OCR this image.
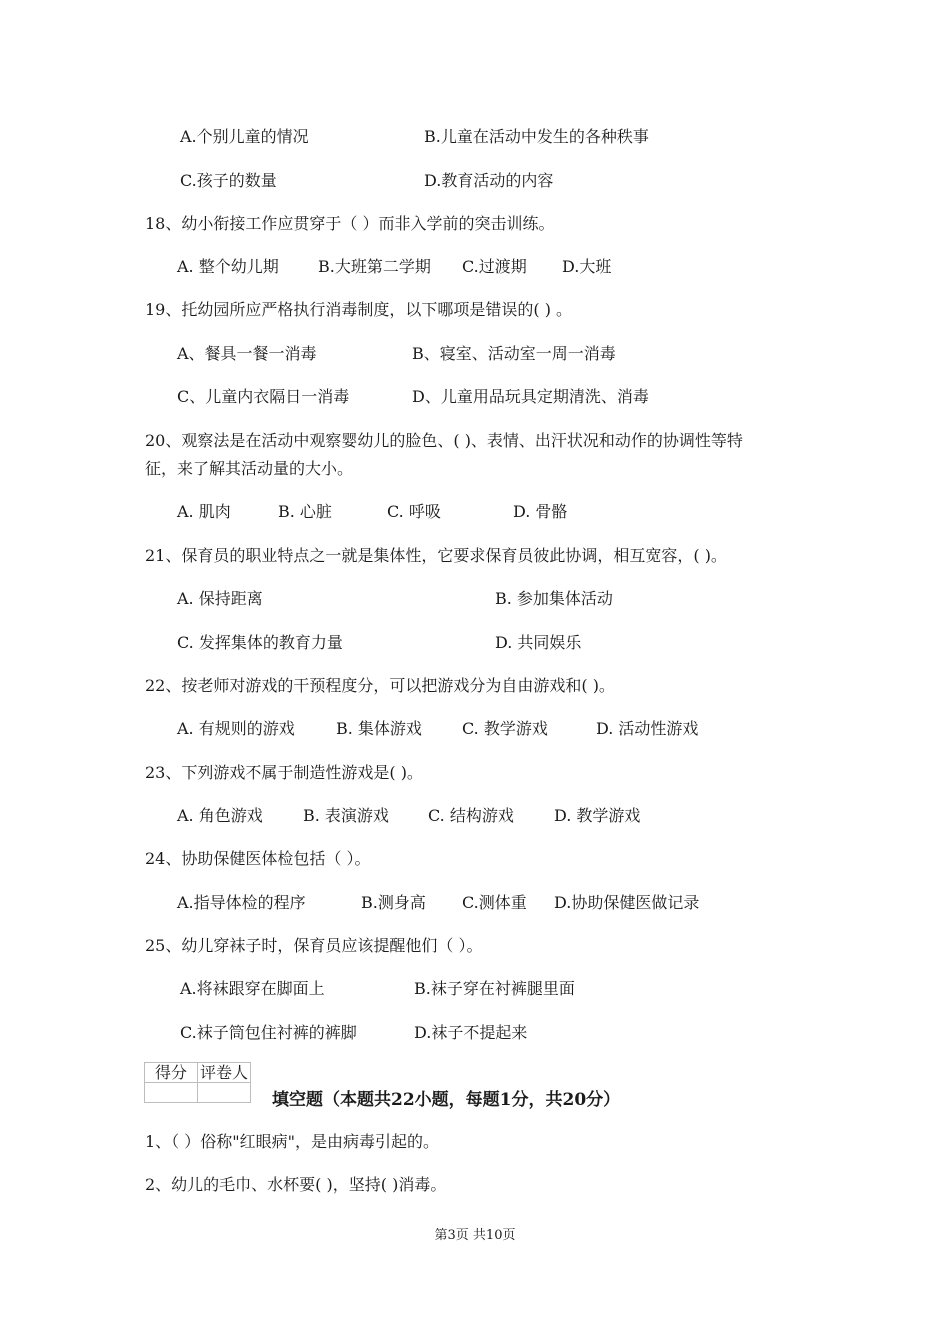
A.个别儿童的情况	B.儿童在活动中发生的各种秩事
C.孩子的数量	D.教育活动的内容
18、幼小衔接工作应贯穿于（ ）而非入学前的突击训练。
A. 整个幼儿期 B.大班第二学期 C.过渡期 D.大班
19、托幼园所应严格执行消毒制度，以下哪项是错误的( ) 。
A、餐具一餐一消毒	B、寝室、活动室一周一消毒
C、儿童内衣隔日一消毒	D、儿童用品玩具定期清洗、消毒
20、观察法是在活动中观察婴幼儿的脸色、( )、表情、出汗状况和动作的协调性等特
征，来了解其活动量的大小。
A. 肌肉	B. 心脏	C. 呼吸	D. 骨骼
21、保育员的职业特点之一就是集体性，它要求保育员彼此协调，相互宽容，( )。
A. 保持距离	B. 参加集体活动
C. 发挥集体的教育力量	D. 共同娱乐
22、按老师对游戏的干预程度分，可以把游戏分为自由游戏和( )。
A. 有规则的游戏	B. 集体游戏	C. 教学游戏	D. 活动性游戏
23、下列游戏不属于制造性游戏是( )。
A. 角色游戏	B. 表演游戏 C. 结构游戏	D. 教学游戏
24、协助保健医体检包括（ ）。
A.指导体检的程序	B.测身高 C.测体重 D.协助保健医做记录
25、幼儿穿袜子时，保育员应该提醒他们（ ）。
A.将袜跟穿在脚面上	B.袜子穿在衬裤腿里面
C.袜子筒包住衬裤的裤脚	D.袜子不提起来
得分	评卷人

填空题（本题共22小题，每题1分，共20分）
1、（ ）俗称"红眼病"，是由病毒引起的。
2、幼儿的毛巾、水杯要( )，坚持( )消毒。
第3页 共10页
